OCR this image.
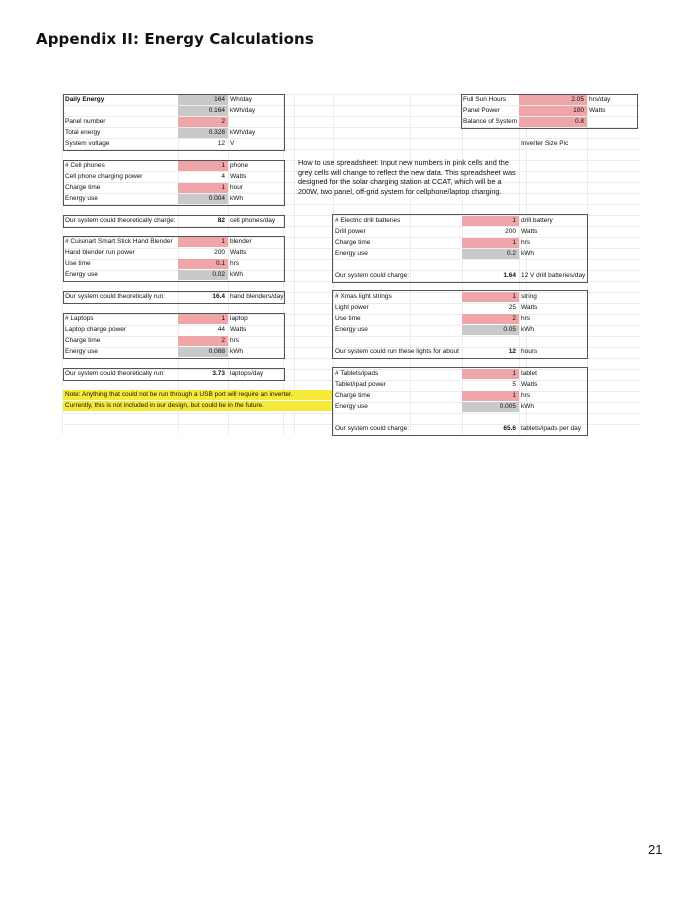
Appendix II: Energy Calculations
Daily Energy	164 Wh/day
0.164 kWh/day
Panel number	2
Total energy	0.328 kWh/day
System voltage	12 V
Full Sun Hours	2.05 hrs/day
Panel Power	100 Watts
Balance of System	0.8
Inverter Size Pic
How to use spreadsheet: Input new numbers in pink cells and the grey cells will change to reflect the new data. This spreadsheet was designed for the solar charging station at CCAT, which will be a 200W, two panel, off-grid system for cellphone/laptop charging.
# Cell phones	1 phone
Cell phone charging power	4 Watts
Charge time	1 hour
Energy use	0.004 kWh
Our system could theoretically charge:	82 cell phones/day
# Cuisinart Smart Stick Hand Blender	1 blender
Hand blender run power	200 Watts
Use time	0.1 hrs
Energy use	0.02 kWh
Our system could theoretically run:	16.4 hand blenders/day
# Laptops	1 laptop
Laptop charge power	44 Watts
Charge time	2 hrs
Energy use	0.088 kWh
Our system could theoretically run:	3.73 laptops/day
Note: Anything that could not be run through a USB port will require an inverter.
Currently, this is not included in our design, but could be in the future.
# Electric drill batteries	1 drill battery
Drill power	200 Watts
Charge time	1 hrs
Energy use	0.2 kWh
Our system could charge:	1.64 12 V drill batteries/day
# Xmas light strings	1 string
Light power	25 Watts
Use time	2 hrs
Energy use	0.05 kWh
Our system could run these lights for about	12 hours
# Tablets/ipads	1 tablet
Tablet/ipad power	5 Watts
Charge time	1 hrs
Energy use	0.005 kWh
Our system could charge:	65.6 tablets/ipads per day
21
